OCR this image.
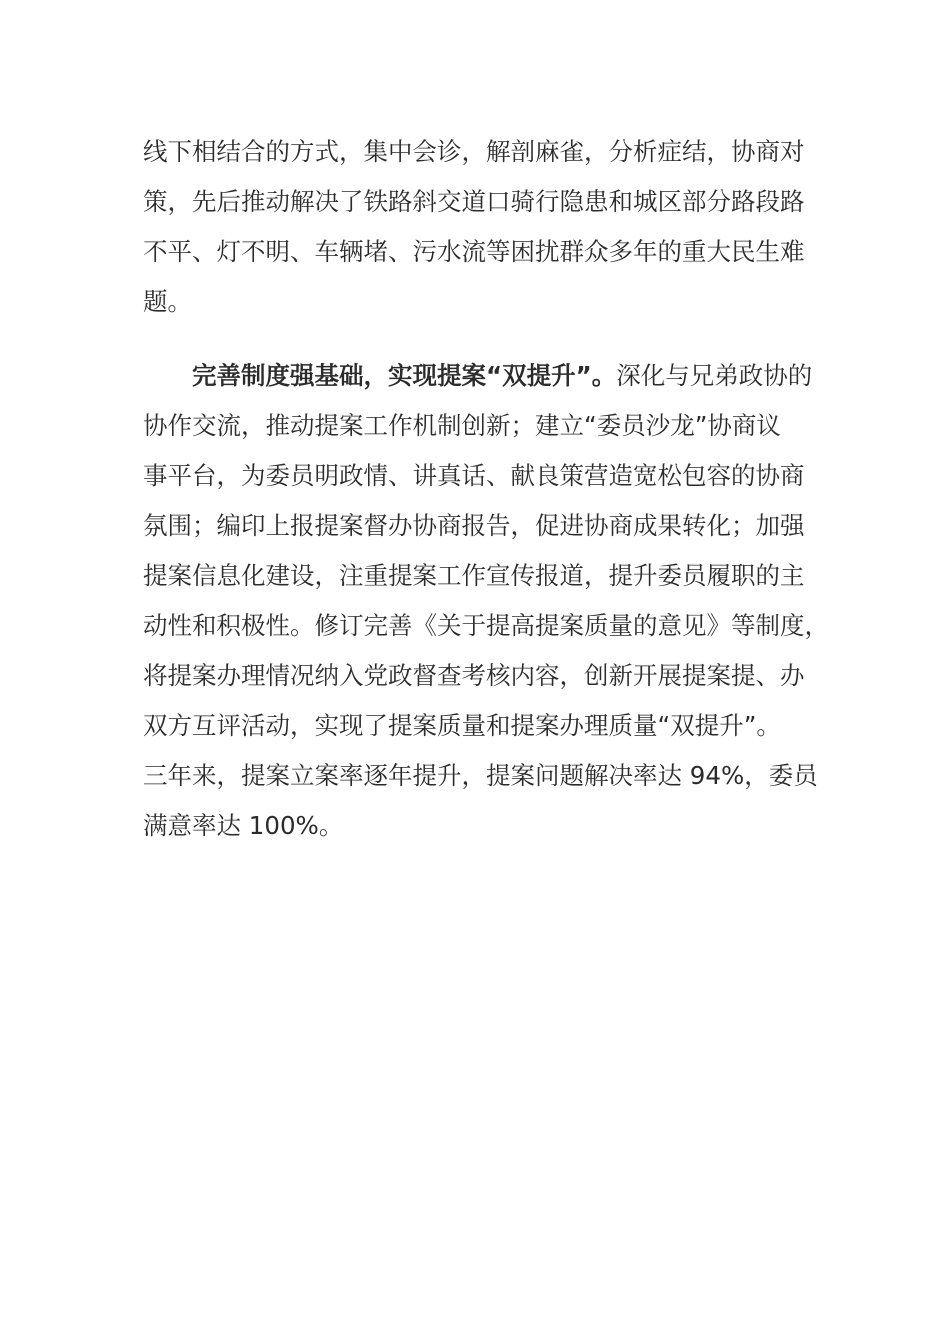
线下相结合的方式，集中会诊，解剖麻雀，分析症结，协商对
策，先后推动解决了铁路斜交道口骑行隐患和城区部分路段路
不平、灯不明、车辆堵、污水流等困扰群众多年的重大民生难
题。

完善制度强基础，实现提案“双提升”。深化与兄弟政协的
协作交流，推动提案工作机制创新；建立“委员沙龙”协商议
事平台，为委员明政情、讲真话、献良策营造宽松包容的协商
氛围；编印上报提案督办协商报告，促进协商成果转化；加强
提案信息化建设，注重提案工作宣传报道，提升委员履职的主
动性和积极性。修订完善《关于提高提案质量的意见》等制度，
将提案办理情况纳入党政督查考核内容，创新开展提案提、办
双方互评活动，实现了提案质量和提案办理质量“双提升”。
三年来，提案立案率逐年提升，提案问题解决率达 94%，委员
满意率达 100%。
